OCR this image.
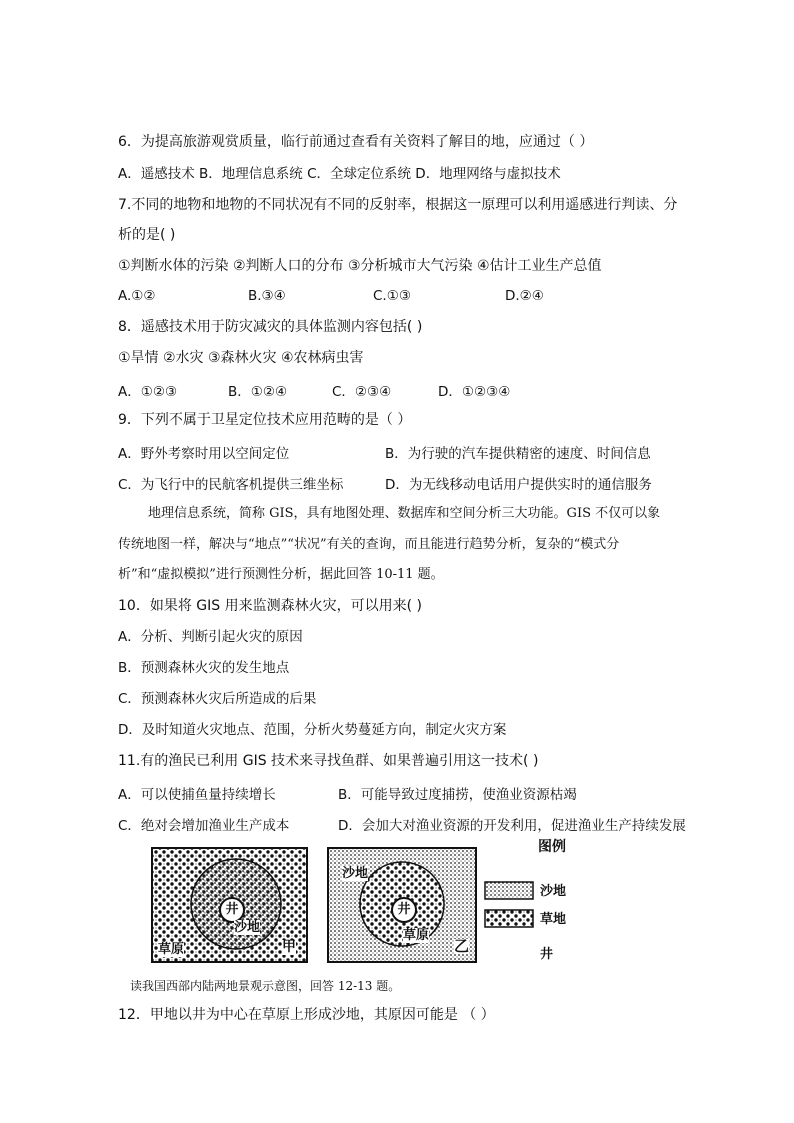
6．为提高旅游观赏质量，临行前通过查看有关资料了解目的地，应通过（ ）
A．遥感技术 B．地理信息系统 C．全球定位系统 D．地理网络与虚拟技术
7.不同的地物和地物的不同状况有不同的反射率，根据这一原理可以利用遥感进行判读、分
析的是( )
①判断水体的污染 ②判断人口的分布 ③分析城市大气污染 ④估计工业生产总值
A.①②	B.③④	C.①③	D.②④
8．遥感技术用于防灾减灾的具体监测内容包括( )
①旱情 ②水灾 ③森林火灾 ④农林病虫害
A．①②③	B．①②④	C．②③④	D．①②③④
9．下列不属于卫星定位技术应用范畴的是（ ）
A．野外考察时用以空间定位	B．为行驶的汽车提供精密的速度、时间信息
C．为飞行中的民航客机提供三维坐标	D．为无线移动电话用户提供实时的通信服务
地理信息系统，简称 GIS，具有地图处理、数据库和空间分析三大功能。GIS 不仅可以象
传统地图一样，解决与“地点”“状况”有关的查询，而且能进行趋势分析，复杂的“模式分
析”和“虚拟模拟”进行预测性分析，据此回答 10-11 题。
10．如果将 GIS 用来监测森林火灾，可以用来( )
A．分析、判断引起火灾的原因
B．预测森林火灾的发生地点
C．预测森林火灾后所造成的后果
D．及时知道火灾地点、范围，分析火势蔓延方向，制定火灾方案
11.有的渔民已利用 GIS 技术来寻找鱼群、如果普遍引用这一技术( )
A．可以使捕鱼量持续增长	B．可能导致过度捕捞，使渔业资源枯竭
C．绝对会增加渔业生产成本	D．会加大对渔业资源的开发利用，促进渔业生产持续发展
井
沙地
草原	甲
沙地
井
草原
乙
图例
沙地
草地
井
读我国西部内陆两地景观示意图，回答 12-13 题。
12．甲地以井为中心在草原上形成沙地，其原因可能是 （ ）
